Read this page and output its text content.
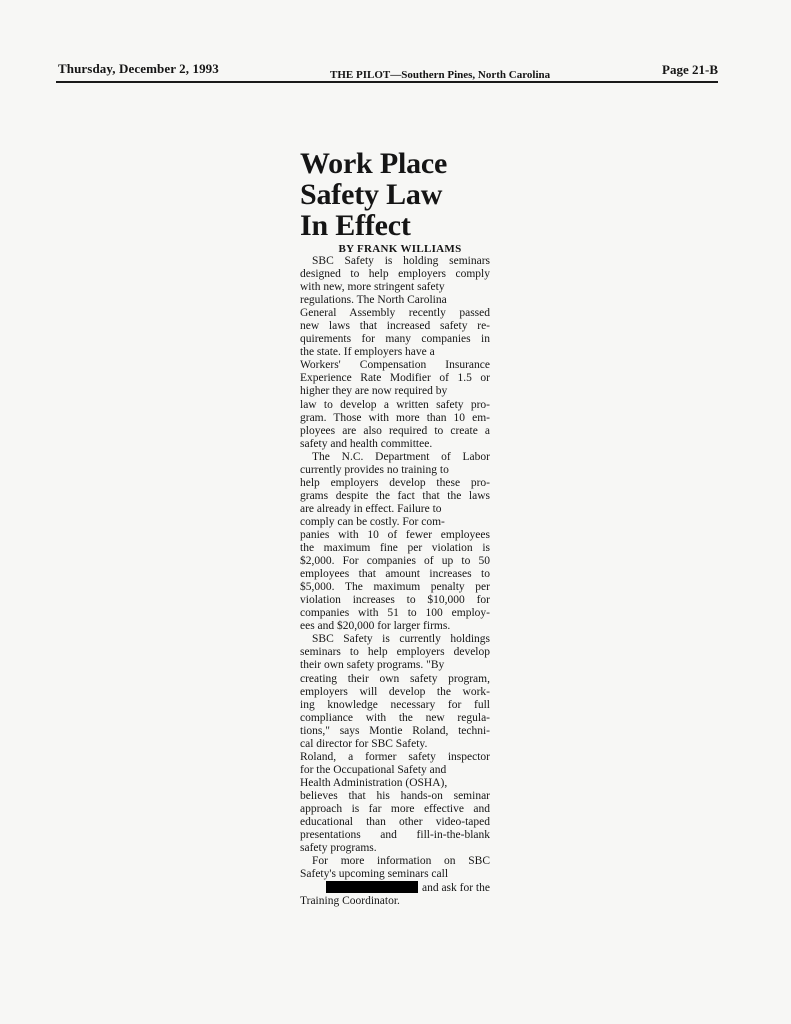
Thursday, December 2, 1993	THE PILOT—Southern Pines, North Carolina	Page 21-B
Work Place
Safety Law
In Effect
BY FRANK WILLIAMS
SBC Safety is holding seminars
designed to help employers comply
with new, more stringent safety
regulations. The North Carolina
General Assembly recently passed
new laws that increased safety re-
quirements for many companies in
the state. If employers have a
Workers' Compensation Insurance
Experience Rate Modifier of 1.5 or
higher they are now required by
law to develop a written safety pro-
gram. Those with more than 10 em-
ployees are also required to create a
safety and health committee.
The N.C. Department of Labor
currently provides no training to
help employers develop these pro-
grams despite the fact that the laws
are already in effect. Failure to
comply can be costly. For com-
panies with 10 of fewer employees
the maximum fine per violation is
$2,000. For companies of up to 50
employees that amount increases to
$5,000. The maximum penalty per
violation increases to $10,000 for
companies with 51 to 100 employ-
ees and $20,000 for larger firms.
SBC Safety is currently holdings
seminars to help employers develop
their own safety programs. "By
creating their own safety program,
employers will develop the work-
ing knowledge necessary for full
compliance with the new regula-
tions," says Montie Roland, techni-
cal director for SBC Safety.
Roland, a former safety inspector
for the Occupational Safety and
Health Administration (OSHA),
believes that his hands-on seminar
approach is far more effective and
educational than other video-taped
presentations and fill-in-the-blank
safety programs.
For more information on SBC
Safety's upcoming seminars call
and ask for the
Training Coordinator.
